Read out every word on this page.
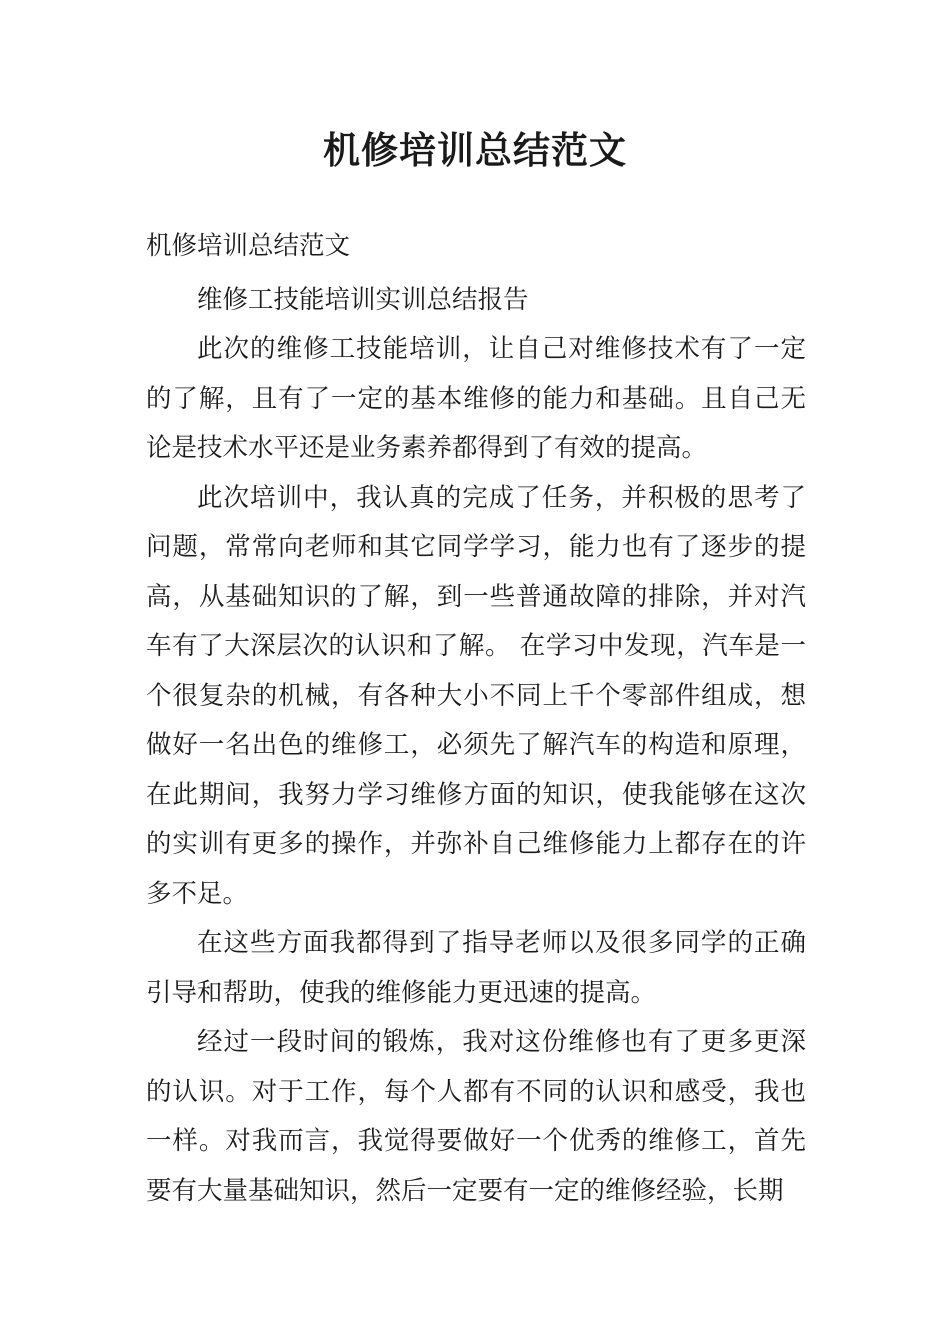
机修培训总结范文

机修培训总结范文

维修工技能培训实训总结报告

此次的维修工技能培训，让自己对维修技术有了一定的了解，且有了一定的基本维修的能力和基础。且自己无论是技术水平还是业务素养都得到了有效的提高。

此次培训中，我认真的完成了任务，并积极的思考了问题，常常向老师和其它同学学习，能力也有了逐步的提高，从基础知识的了解，到一些普通故障的排除，并对汽车有了大深层次的认识和了解。 在学习中发现，汽车是一个很复杂的机械，有各种大小不同上千个零部件组成，想做好一名出色的维修工，必须先了解汽车的构造和原理，在此期间，我努力学习维修方面的知识，使我能够在这次的实训有更多的操作，并弥补自己维修能力上都存在的许多不足。

在这些方面我都得到了指导老师以及很多同学的正确引导和帮助，使我的维修能力更迅速的提高。

经过一段时间的锻炼，我对这份维修也有了更多更深的认识。对于工作，每个人都有不同的认识和感受，我也一样。对我而言，我觉得要做好一个优秀的维修工，首先要有大量基础知识，然后一定要有一定的维修经验，长期
